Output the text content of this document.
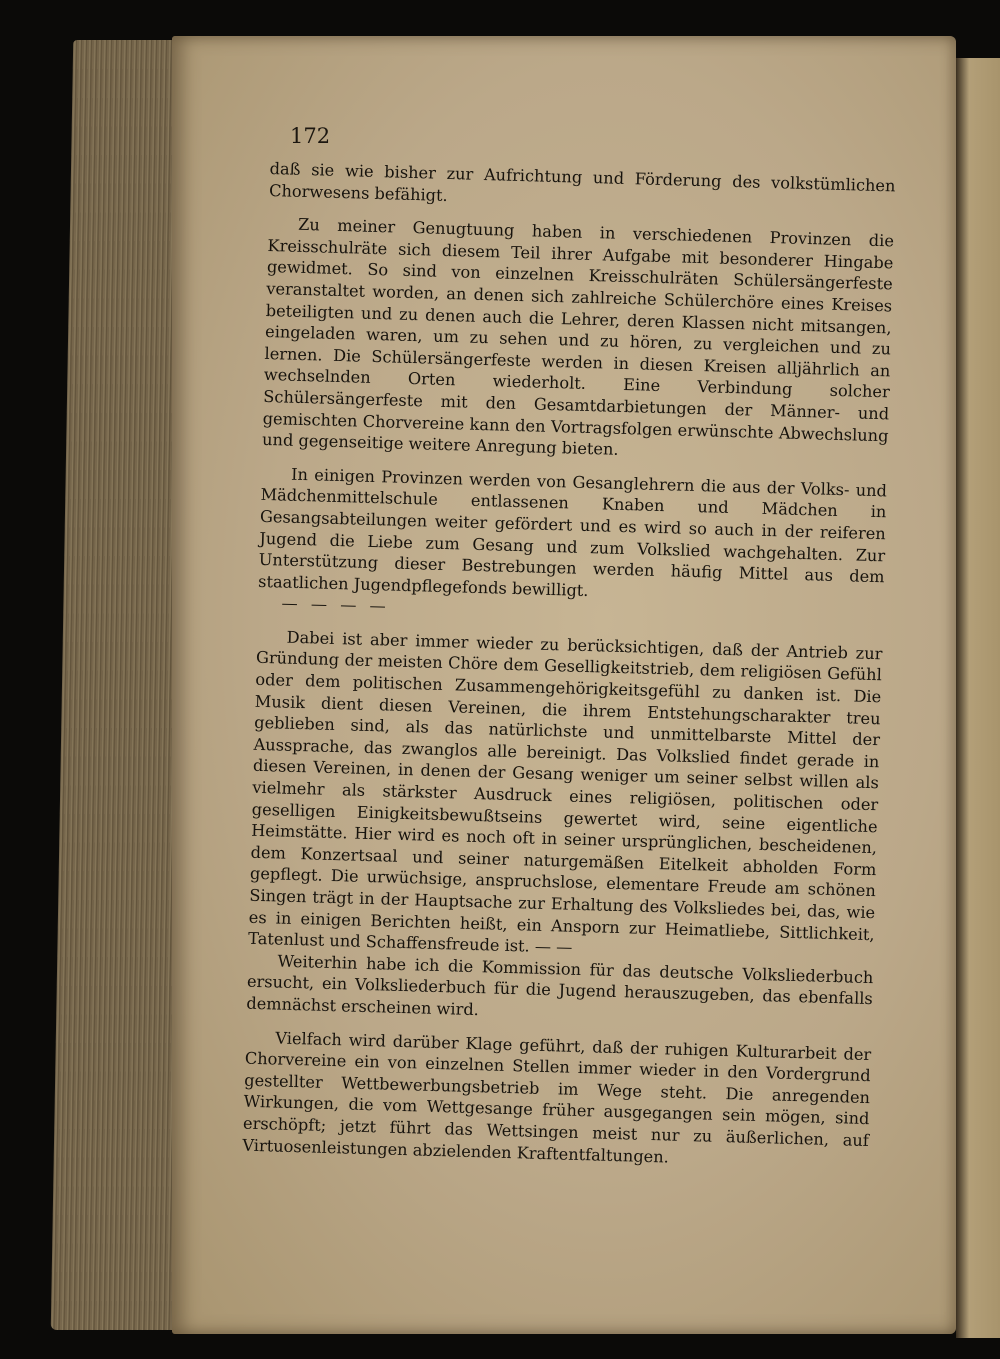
172

daß sie wie bisher zur Aufrichtung und Förderung des volkstümlichen Chorwesens befähigt.

Zu meiner Genugtuung haben in verschiedenen Provinzen die Kreisschulräte sich diesem Teil ihrer Aufgabe mit besonderer Hingabe gewidmet. So sind von einzelnen Kreisschulräten Schülersängerfeste veranstaltet worden, an denen sich zahlreiche Schülerchöre eines Kreises beteiligten und zu denen auch die Lehrer, deren Klassen nicht mitsangen, eingeladen waren, um zu sehen und zu hören, zu vergleichen und zu lernen. Die Schülersängerfeste werden in diesen Kreisen alljährlich an wechselnden Orten wiederholt. Eine Verbindung solcher Schülersängerfeste mit den Gesamtdarbietungen der Männer- und gemischten Chorvereine kann den Vortragsfolgen erwünschte Abwechslung und gegenseitige weitere Anregung bieten.

In einigen Provinzen werden von Gesanglehrern die aus der Volks- und Mädchenmittelschule entlassenen Knaben und Mädchen in Gesangsabteilungen weiter gefördert und es wird so auch in der reiferen Jugend die Liebe zum Gesang und zum Volkslied wachgehalten. Zur Unterstützung dieser Bestrebungen werden häufig Mittel aus dem staatlichen Jugendpflegefonds bewilligt.

— — — —

Dabei ist aber immer wieder zu berücksichtigen, daß der Antrieb zur Gründung der meisten Chöre dem Geselligkeitstrieb, dem religiösen Gefühl oder dem politischen Zusammengehörigkeitsgefühl zu danken ist. Die Musik dient diesen Vereinen, die ihrem Entstehungscharakter treu geblieben sind, als das natürlichste und unmittelbarste Mittel der Aussprache, das zwanglos alle bereinigt. Das Volkslied findet gerade in diesen Vereinen, in denen der Gesang weniger um seiner selbst willen als vielmehr als stärkster Ausdruck eines religiösen, politischen oder geselligen Einigkeitsbewußtseins gewertet wird, seine eigentliche Heimstätte. Hier wird es noch oft in seiner ursprünglichen, bescheidenen, dem Konzertsaal und seiner naturgemäßen Eitelkeit abholden Form gepflegt. Die urwüchsige, anspruchslose, elementare Freude am schönen Singen trägt in der Hauptsache zur Erhaltung des Volksliedes bei, das, wie es in einigen Berichten heißt, ein Ansporn zur Heimatliebe, Sittlichkeit, Tatenlust und Schaffensfreude ist. — —

Weiterhin habe ich die Kommission für das deutsche Volksliederbuch ersucht, ein Volksliederbuch für die Jugend herauszugeben, das ebenfalls demnächst erscheinen wird.

Vielfach wird darüber Klage geführt, daß der ruhigen Kulturarbeit der Chorvereine ein von einzelnen Stellen immer wieder in den Vordergrund gestellter Wettbewerbungsbetrieb im Wege steht. Die anregenden Wirkungen, die vom Wettgesange früher ausgegangen sein mögen, sind erschöpft; jetzt führt das Wettsingen meist nur zu äußerlichen, auf Virtuosenleistungen abzielenden Kraftentfaltungen.
